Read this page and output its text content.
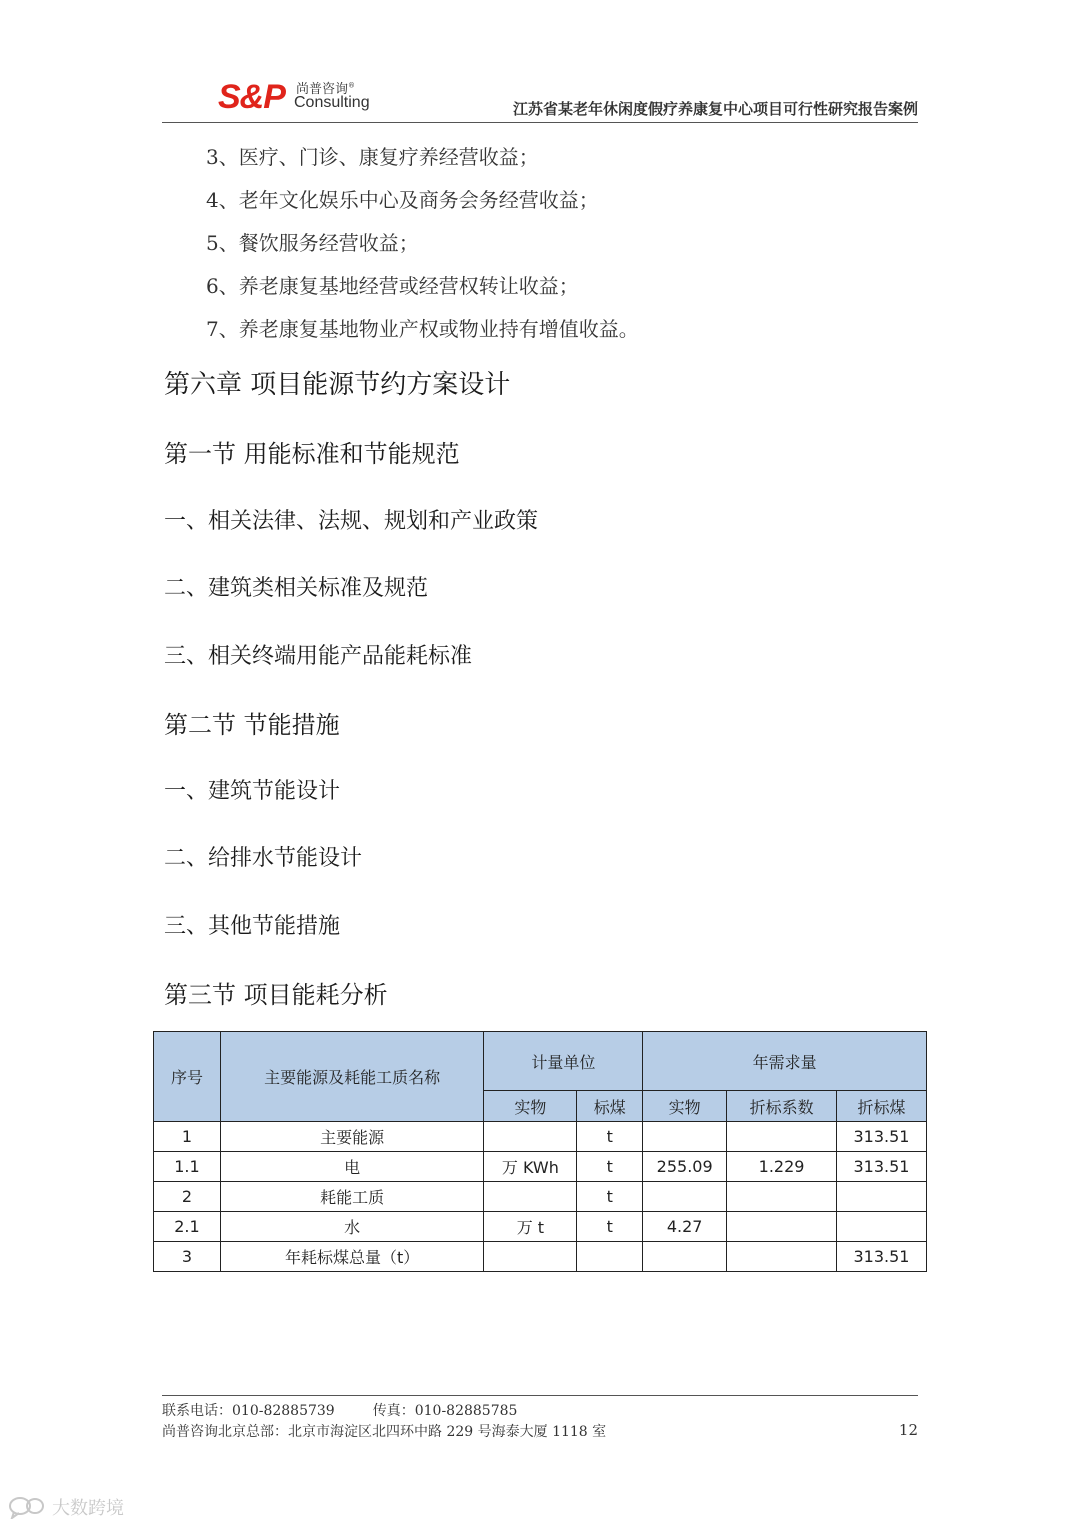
S&P 尚普咨询®
Consulting	江苏省某老年休闲度假疗养康复中心项目可行性研究报告案例
3、医疗、门诊、康复疗养经营收益；
4、老年文化娱乐中心及商务会务经营收益；
5、餐饮服务经营收益；
6、养老康复基地经营或经营权转让收益；
7、养老康复基地物业产权或物业持有增值收益。
第六章 项目能源节约方案设计
第一节 用能标准和节能规范
一、相关法律、法规、规划和产业政策
二、建筑类相关标准及规范
三、相关终端用能产品能耗标准
第二节 节能措施
一、建筑节能设计
二、给排水节能设计
三、其他节能措施
第三节 项目能耗分析
序号	主要能源及耗能工质名称	计量单位		年需求量		
		实物	标煤	实物	折标系数	折标煤
1	主要能源		t			313.51
1.1	电	万 KWh	t	255.09	1.229	313.51
2	耗能工质		t			
2.1	水	万 t	t	4.27		
3	年耗标煤总量（t）					313.51
联系电话：010-82885739	传真：010-82885785
尚普咨询北京总部：北京市海淀区北四环中路 229 号海泰大厦 1118 室	12
大数跨境
